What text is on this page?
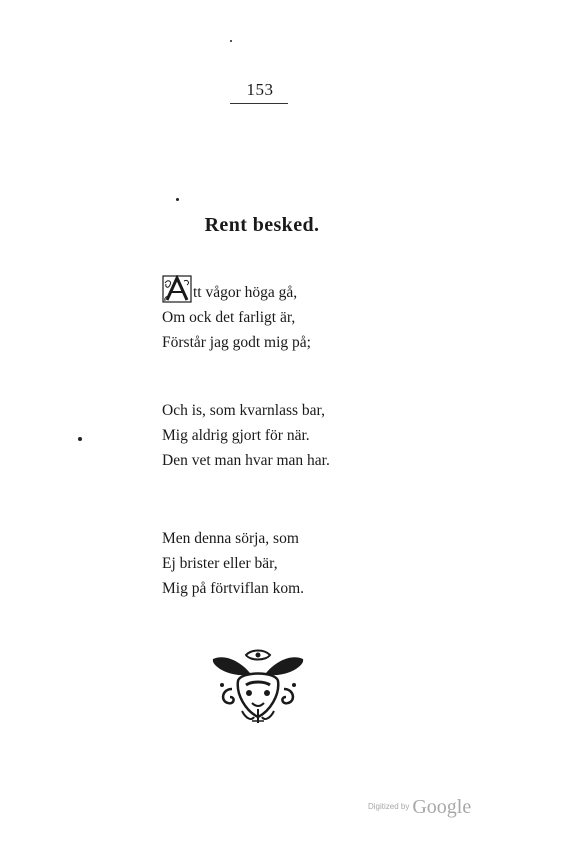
153
Rent besked.
tt vågor höga gå,
Om ock det farligt är,
Förstår jag godt mig på;
Och is, som kvarnlass bar,
Mig aldrig gjort för när.
Den vet man hvar man har.
Men denna sörja, som
Ej brister eller bär,
Mig på förtviflan kom.
$^{Digitized by}$ Google
